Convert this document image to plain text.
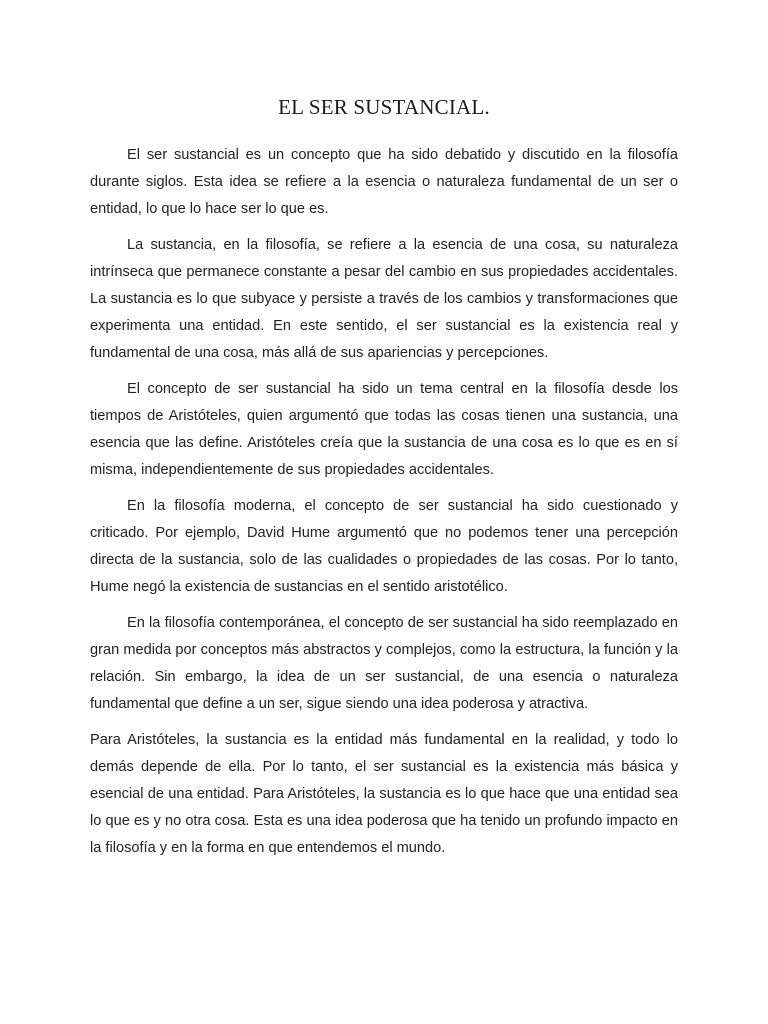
EL SER SUSTANCIAL.

El ser sustancial es un concepto que ha sido debatido y discutido en la filosofía durante siglos. Esta idea se refiere a la esencia o naturaleza fundamental de un ser o entidad, lo que lo hace ser lo que es.

La sustancia, en la filosofía, se refiere a la esencia de una cosa, su naturaleza intrínseca que permanece constante a pesar del cambio en sus propiedades accidentales. La sustancia es lo que subyace y persiste a través de los cambios y transformaciones que experimenta una entidad. En este sentido, el ser sustancial es la existencia real y fundamental de una cosa, más allá de sus apariencias y percepciones.

El concepto de ser sustancial ha sido un tema central en la filosofía desde los tiempos de Aristóteles, quien argumentó que todas las cosas tienen una sustancia, una esencia que las define. Aristóteles creía que la sustancia de una cosa es lo que es en sí misma, independientemente de sus propiedades accidentales.

En la filosofía moderna, el concepto de ser sustancial ha sido cuestionado y criticado. Por ejemplo, David Hume argumentó que no podemos tener una percepción directa de la sustancia, solo de las cualidades o propiedades de las cosas. Por lo tanto, Hume negó la existencia de sustancias en el sentido aristotélico.

En la filosofía contemporánea, el concepto de ser sustancial ha sido reemplazado en gran medida por conceptos más abstractos y complejos, como la estructura, la función y la relación. Sin embargo, la idea de un ser sustancial, de una esencia o naturaleza fundamental que define a un ser, sigue siendo una idea poderosa y atractiva.

Para Aristóteles, la sustancia es la entidad más fundamental en la realidad, y todo lo demás depende de ella. Por lo tanto, el ser sustancial es la existencia más básica y esencial de una entidad. Para Aristóteles, la sustancia es lo que hace que una entidad sea lo que es y no otra cosa. Esta es una idea poderosa que ha tenido un profundo impacto en la filosofía y en la forma en que entendemos el mundo.
